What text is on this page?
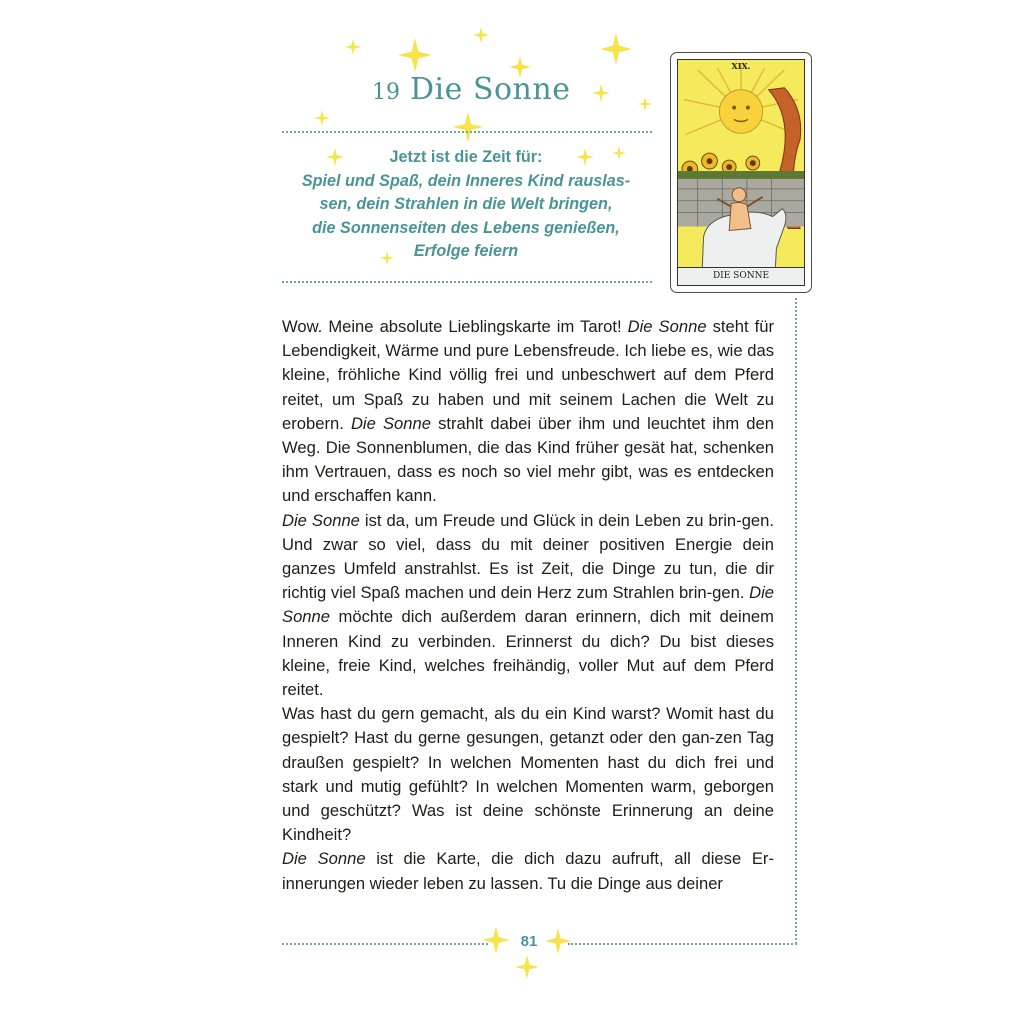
19 Die Sonne
Jetzt ist die Zeit für:
Spiel und Spaß, dein Inneres Kind rauslas-
sen, dein Strahlen in die Welt bringen,
die Sonnenseiten des Lebens genießen,
Erfolge feiern
XIX.
DIE SONNE

Wow. Meine absolute Lieblingskarte im Tarot! Die Sonne steht für Lebendigkeit, Wärme und pure Lebensfreude. Ich liebe es, wie das kleine, fröhliche Kind völlig frei und unbeschwert auf dem Pferd reitet, um Spaß zu haben und mit seinem Lachen die Welt zu erobern. Die Sonne strahlt dabei über ihm und leuchtet ihm den Weg. Die Sonnenblumen, die das Kind früher gesät hat, schenken ihm Vertrauen, dass es noch so viel mehr gibt, was es entdecken und erschaffen kann.

Die Sonne ist da, um Freude und Glück in dein Leben zu brin-gen. Und zwar so viel, dass du mit deiner positiven Energie dein ganzes Umfeld anstrahlst. Es ist Zeit, die Dinge zu tun, die dir richtig viel Spaß machen und dein Herz zum Strahlen brin-gen. Die Sonne möchte dich außerdem daran erinnern, dich mit deinem Inneren Kind zu verbinden. Erinnerst du dich? Du bist dieses kleine, freie Kind, welches freihändig, voller Mut auf dem Pferd reitet.

Was hast du gern gemacht, als du ein Kind warst? Womit hast du gespielt? Hast du gerne gesungen, getanzt oder den gan-zen Tag draußen gespielt? In welchen Momenten hast du dich frei und stark und mutig gefühlt? In welchen Momenten warm, geborgen und geschützt? Was ist deine schönste Erinnerung an deine Kindheit?

Die Sonne ist die Karte, die dich dazu aufruft, all diese Er-innerungen wieder leben zu lassen. Tu die Dinge aus deiner

81
